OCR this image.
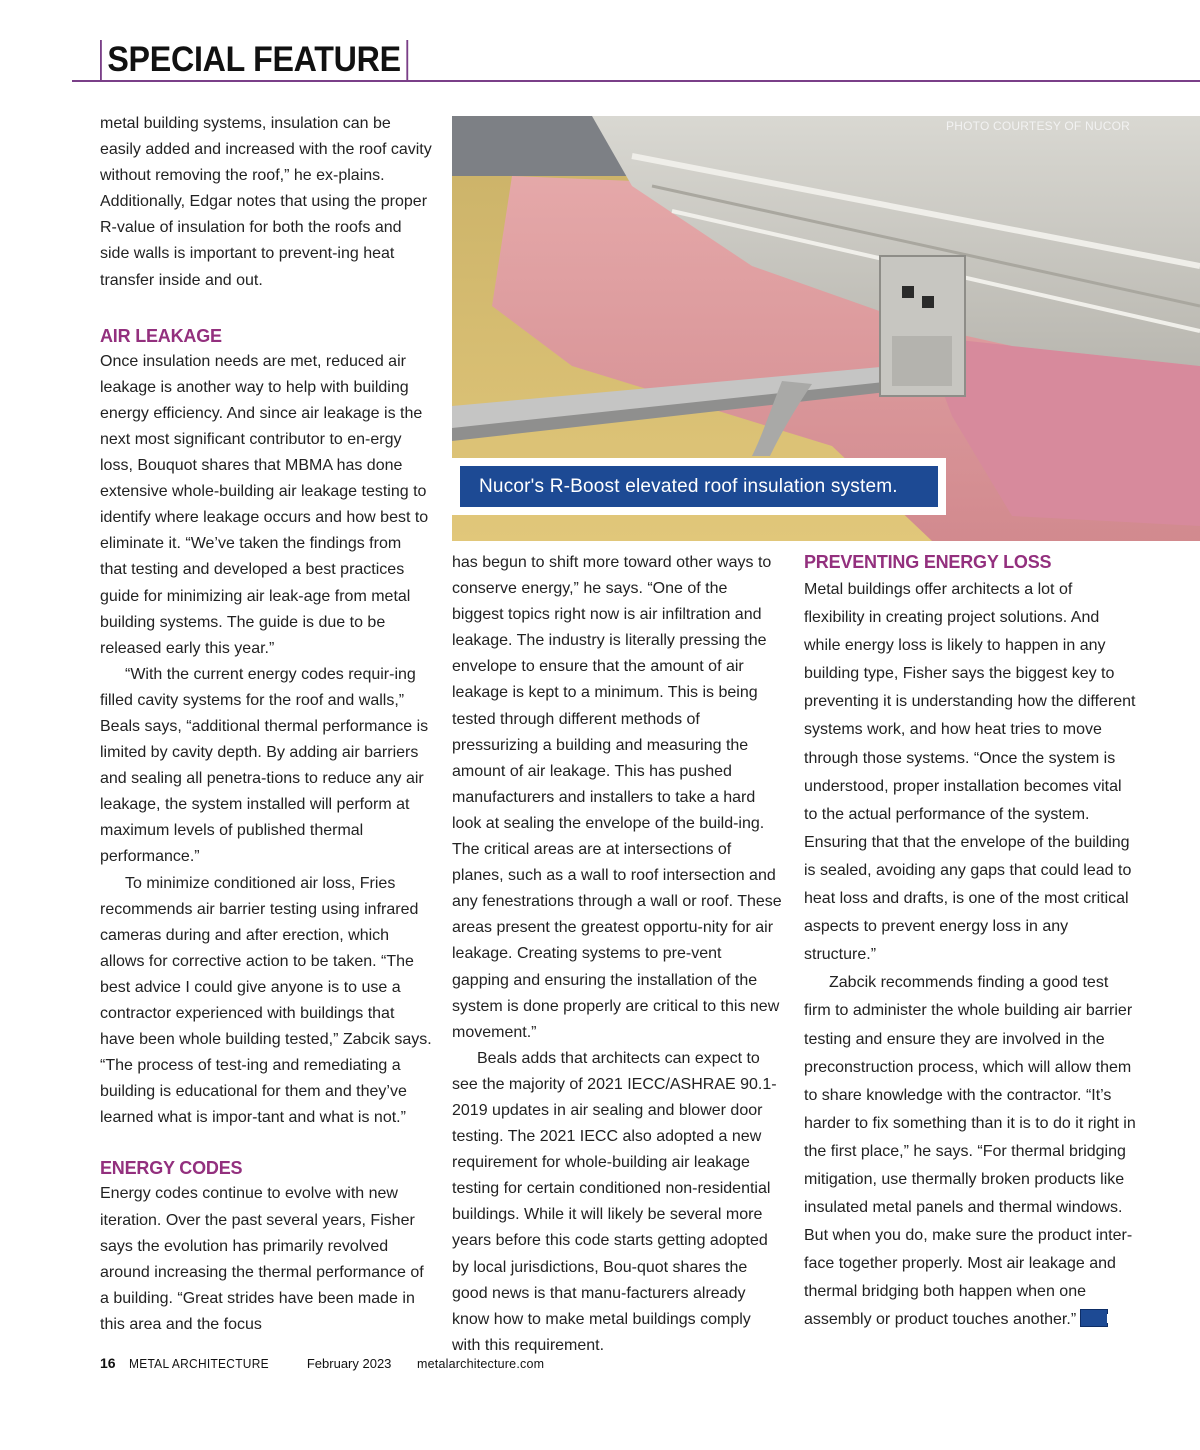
SPECIAL FEATURE

metal building systems, insulation can be easily added and increased with the roof cavity without removing the roof,” he ex-plains. Additionally, Edgar notes that using the proper R-value of insulation for both the roofs and side walls is important to prevent-ing heat transfer inside and out.

AIR LEAKAGE

Once insulation needs are met, reduced air leakage is another way to help with building energy efficiency. And since air leakage is the next most significant contributor to en-ergy loss, Bouquot shares that MBMA has done extensive whole-building air leakage testing to identify where leakage occurs and how best to eliminate it. “We’ve taken the findings from that testing and developed a best practices guide for minimizing air leak-age from metal building systems. The guide is due to be released early this year.”

“With the current energy codes requir-ing filled cavity systems for the roof and walls,” Beals says, “additional thermal performance is limited by cavity depth. By adding air barriers and sealing all penetra-tions to reduce any air leakage, the system installed will perform at maximum levels of published thermal performance.”

To minimize conditioned air loss, Fries recommends air barrier testing using infrared cameras during and after erection, which allows for corrective action to be taken. “The best advice I could give anyone is to use a contractor experienced with buildings that have been whole building tested,” Zabcik says. “The process of test-ing and remediating a building is educational for them and they’ve learned what is impor-tant and what is not.”

ENERGY CODES

Energy codes continue to evolve with new iteration. Over the past several years, Fisher says the evolution has primarily revolved around increasing the thermal performance of a building. “Great strides have been made in this area and the focus

PHOTO COURTESY OF NUCOR
Nucor's R-Boost elevated roof insulation system.

has begun to shift more toward other ways to conserve energy,” he says. “One of the biggest topics right now is air infiltration and leakage. The industry is literally pressing the envelope to ensure that the amount of air leakage is kept to a minimum. This is being tested through different methods of pressurizing a building and measuring the amount of air leakage. This has pushed manufacturers and installers to take a hard look at sealing the envelope of the build-ing. The critical areas are at intersections of planes, such as a wall to roof intersection and any fenestrations through a wall or roof. These areas present the greatest opportu-nity for air leakage. Creating systems to pre-vent gapping and ensuring the installation of the system is done properly are critical to this new movement.”

Beals adds that architects can expect to see the majority of 2021 IECC/ASHRAE 90.1-2019 updates in air sealing and blower door testing. The 2021 IECC also adopted a new requirement for whole-building air leakage testing for certain conditioned non-residential buildings. While it will likely be several more years before this code starts getting adopted by local jurisdictions, Bou-quot shares the good news is that manu-facturers already know how to make metal buildings comply with this requirement.

PREVENTING ENERGY LOSS

Metal buildings offer architects a lot of flexibility in creating project solutions. And while energy loss is likely to happen in any building type, Fisher says the biggest key to preventing it is understanding how the different systems work, and how heat tries to move through those systems. “Once the system is understood, proper installation becomes vital to the actual performance of the system. Ensuring that that the envelope of the building is sealed, avoiding any gaps that could lead to heat loss and drafts, is one of the most critical aspects to prevent energy loss in any structure.”

Zabcik recommends finding a good test firm to administer the whole building air barrier testing and ensure they are involved in the preconstruction process, which will allow them to share knowledge with the contractor. “It’s harder to fix something than it is to do it right in the first place,” he says. “For thermal bridging mitigation, use thermally broken products like insulated metal panels and thermal windows. But when you do, make sure the product inter-face together properly. Most air leakage and thermal bridging both happen when one assembly or product touches another.” Ma

16 METAL ARCHITECTURE	February 2023 metalarchitecture.com
